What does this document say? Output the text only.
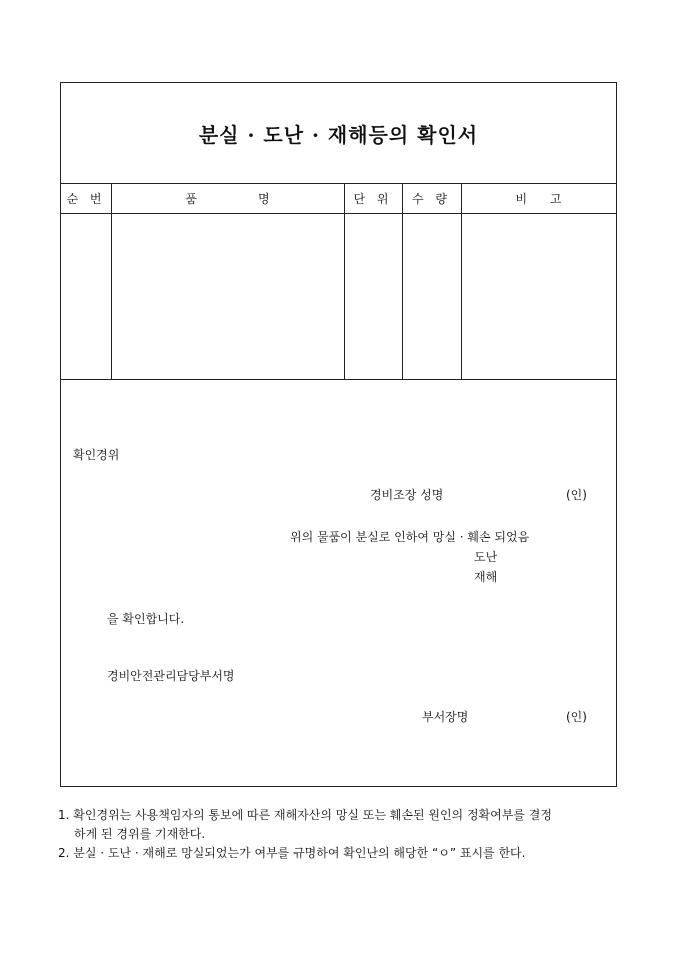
분실 · 도난 · 재해등의 확인서
순 번	품                명	단 위	수 량	비      고
확인경위
경비조장 성명	(인)
위의 물품이 분실로 인하여 망실 · 훼손 되었음
도난
재해
을 확인합니다.
경비안전관리담당부서명
부서장명	(인)
1. 확인경위는 사용책임자의 통보에 따른 재해자산의 망실 또는 훼손된 원인의 정확여부를 결정
하게 된 경위를 기재한다.
2. 분실 · 도난 · 재해로 망실되었는가 여부를 규명하여 확인난의 해당한 “ㅇ” 표시를 한다.
